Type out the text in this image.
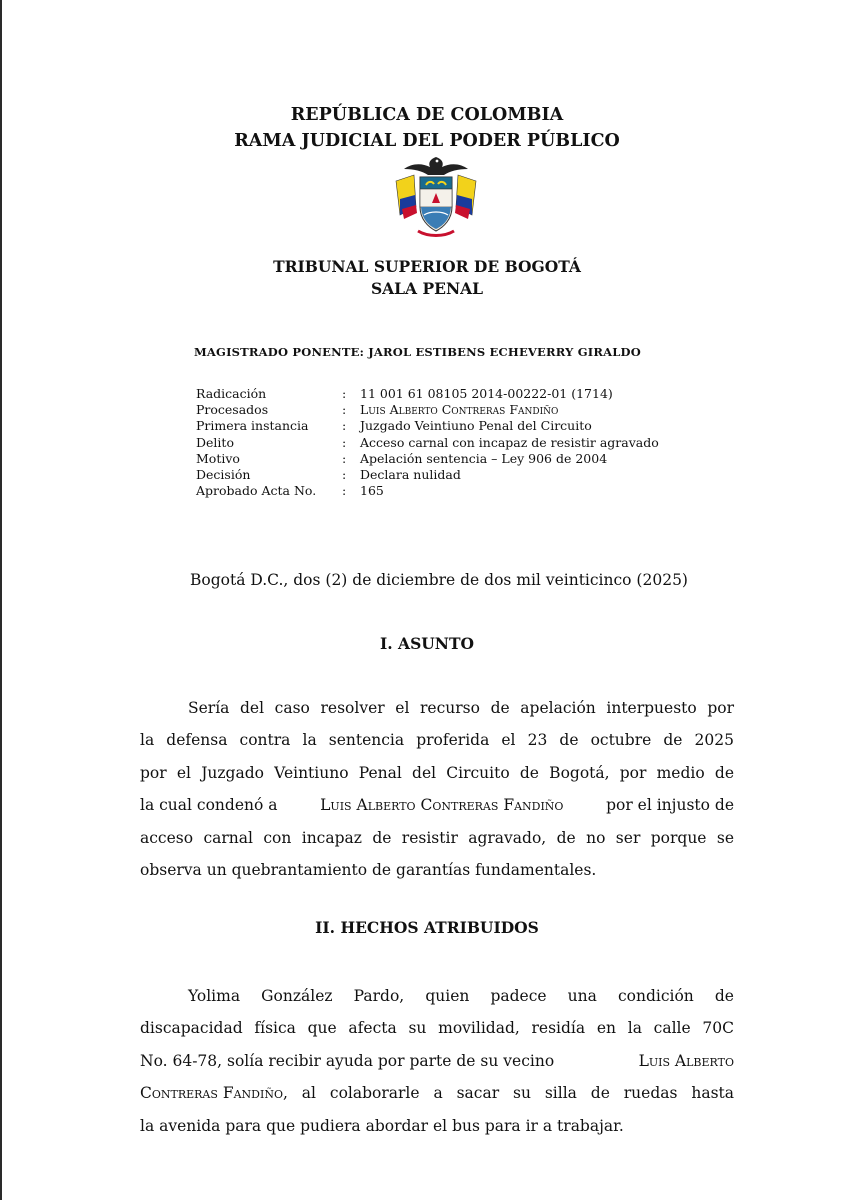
REPÚBLICA DE COLOMBIA
RAMA JUDICIAL DEL PODER PÚBLICO
TRIBUNAL SUPERIOR DE BOGOTÁ
SALA PENAL
MAGISTRADO PONENTE: JAROL ESTIBENS ECHEVERRY GIRALDO
Radicación	:	11 001 61 08105 2014-00222-01 (1714)
Procesados	:	Luis Alberto Contreras Fandiño
Primera instancia	:	Juzgado Veintiuno Penal del Circuito
Delito	:	Acceso carnal con incapaz de resistir agravado
Motivo	:	Apelación sentencia – Ley 906 de 2004
Decisión	:	Declara nulidad
Aprobado Acta No.	:	165
Bogotá D.C., dos (2) de diciembre de dos mil veinticinco (2025)
I. ASUNTO
Sería del caso resolver el recurso de apelación interpuesto por
la defensa contra la sentencia proferida el 23 de octubre de 2025
por el Juzgado Veintiuno Penal del Circuito de Bogotá, por medio de
la cual condenó a	Luis Alberto Contreras Fandiño	por el injusto de
acceso carnal con incapaz de resistir agravado, de no ser porque se
observa un quebrantamiento de garantías fundamentales.
II. HECHOS ATRIBUIDOS
Yolima González Pardo, quien padece una condición de
discapacidad física que afecta su movilidad, residía en la calle 70C
No. 64-78, solía recibir ayuda por parte de su vecino	Luis Alberto
Contreras Fandiño , al colaborarle a sacar su silla de ruedas hasta
la avenida para que pudiera abordar el bus para ir a trabajar.
